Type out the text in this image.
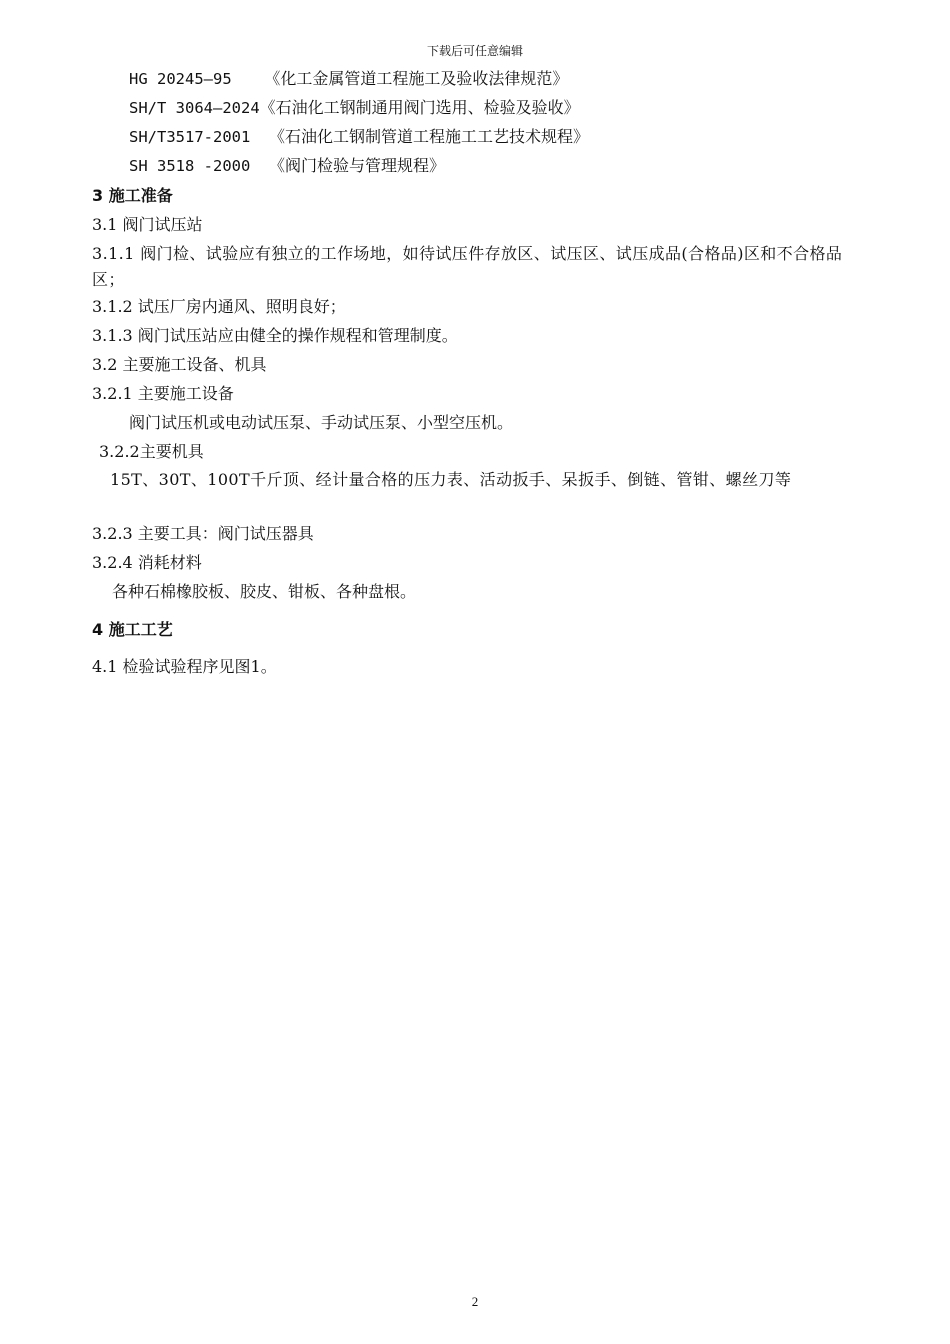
下载后可任意编辑
HG 20245—95  《化工金属管道工程施工及验收法律规范》
SH/T 3064—2024《石油化工钢制通用阀门选用、检验及验收》
SH/T3517-2001  《石油化工钢制管道工程施工工艺技术规程》
SH 3518 -2000  《阀门检验与管理规程》
3 施工准备
3.1 阀门试压站
3.1.1 阀门检、试验应有独立的工作场地，如待试压件存放区、试压区、试压成品(合格品)区和不合格品区；
3.1.2 试压厂房内通风、照明良好；
3.1.3 阀门试压站应由健全的操作规程和管理制度。
3.2 主要施工设备、机具
3.2.1 主要施工设备
阀门试压机或电动试压泵、手动试压泵、小型空压机。
3.2.2主要机具
15T、30T、100T千斤顶、经计量合格的压力表、活动扳手、呆扳手、倒链、管钳、螺丝刀等
3.2.3 主要工具：阀门试压器具
3.2.4 消耗材料
各种石棉橡胶板、胶皮、钳板、各种盘根。
4 施工工艺
4.1 检验试验程序见图1。
2
